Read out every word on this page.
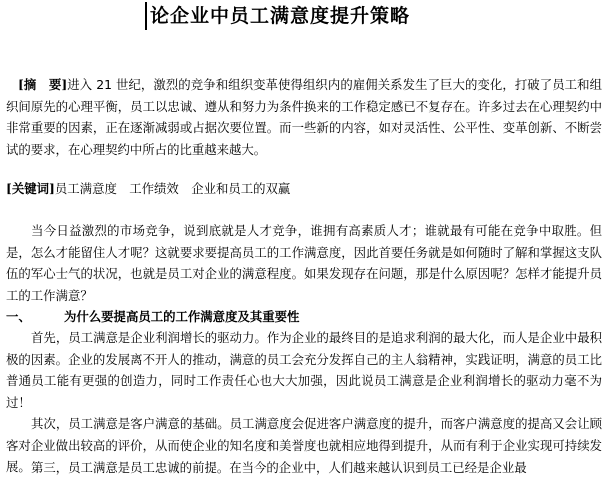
论企业中员工满意度提升策略

[摘　要]进入 21 世纪，激烈的竞争和组织变革使得组织内的雇佣关系发生了巨大的变化，打破了员工和组织间原先的心理平衡，员工以忠诚、遵从和努力为条件换来的工作稳定感已不复存在。许多过去在心理契约中非常重要的因素，正在逐渐减弱或占据次要位置。而一些新的内容，如对灵活性、公平性、变革创新、不断尝试的要求，在心理契约中所占的比重越来越大。

[关键词]员工满意度　工作绩效　企业和员工的双赢

当今日益激烈的市场竞争，说到底就是人才竞争，谁拥有高素质人才；谁就最有可能在竞争中取胜。但是，怎么才能留住人才呢？这就要求要提高员工的工作满意度，因此首要任务就是如何随时了解和掌握这支队伍的军心士气的状况，也就是员工对企业的满意程度。如果发现存在问题，那是什么原因呢？怎样才能提升员工的工作满意？

一、	为什么要提高员工的工作满意度及其重要性

首先，员工满意是企业利润增长的驱动力。作为企业的最终目的是追求利润的最大化，而人是企业中最积极的因素。企业的发展离不开人的推动，满意的员工会充分发挥自己的主人翁精神，实践证明，满意的员工比普通员工能有更强的创造力，同时工作责任心也大大加强，因此说员工满意是企业利润增长的驱动力毫不为过！

其次，员工满意是客户满意的基础。员工满意度会促进客户满意度的提升，而客户满意度的提高又会让顾客对企业做出较高的评价，从而使企业的知名度和美誉度也就相应地得到提升，从而有利于企业实现可持续发展。 第三，员工满意是员工忠诚的前提。在当今的企业中，人们越来越认识到员工已经是企业最
